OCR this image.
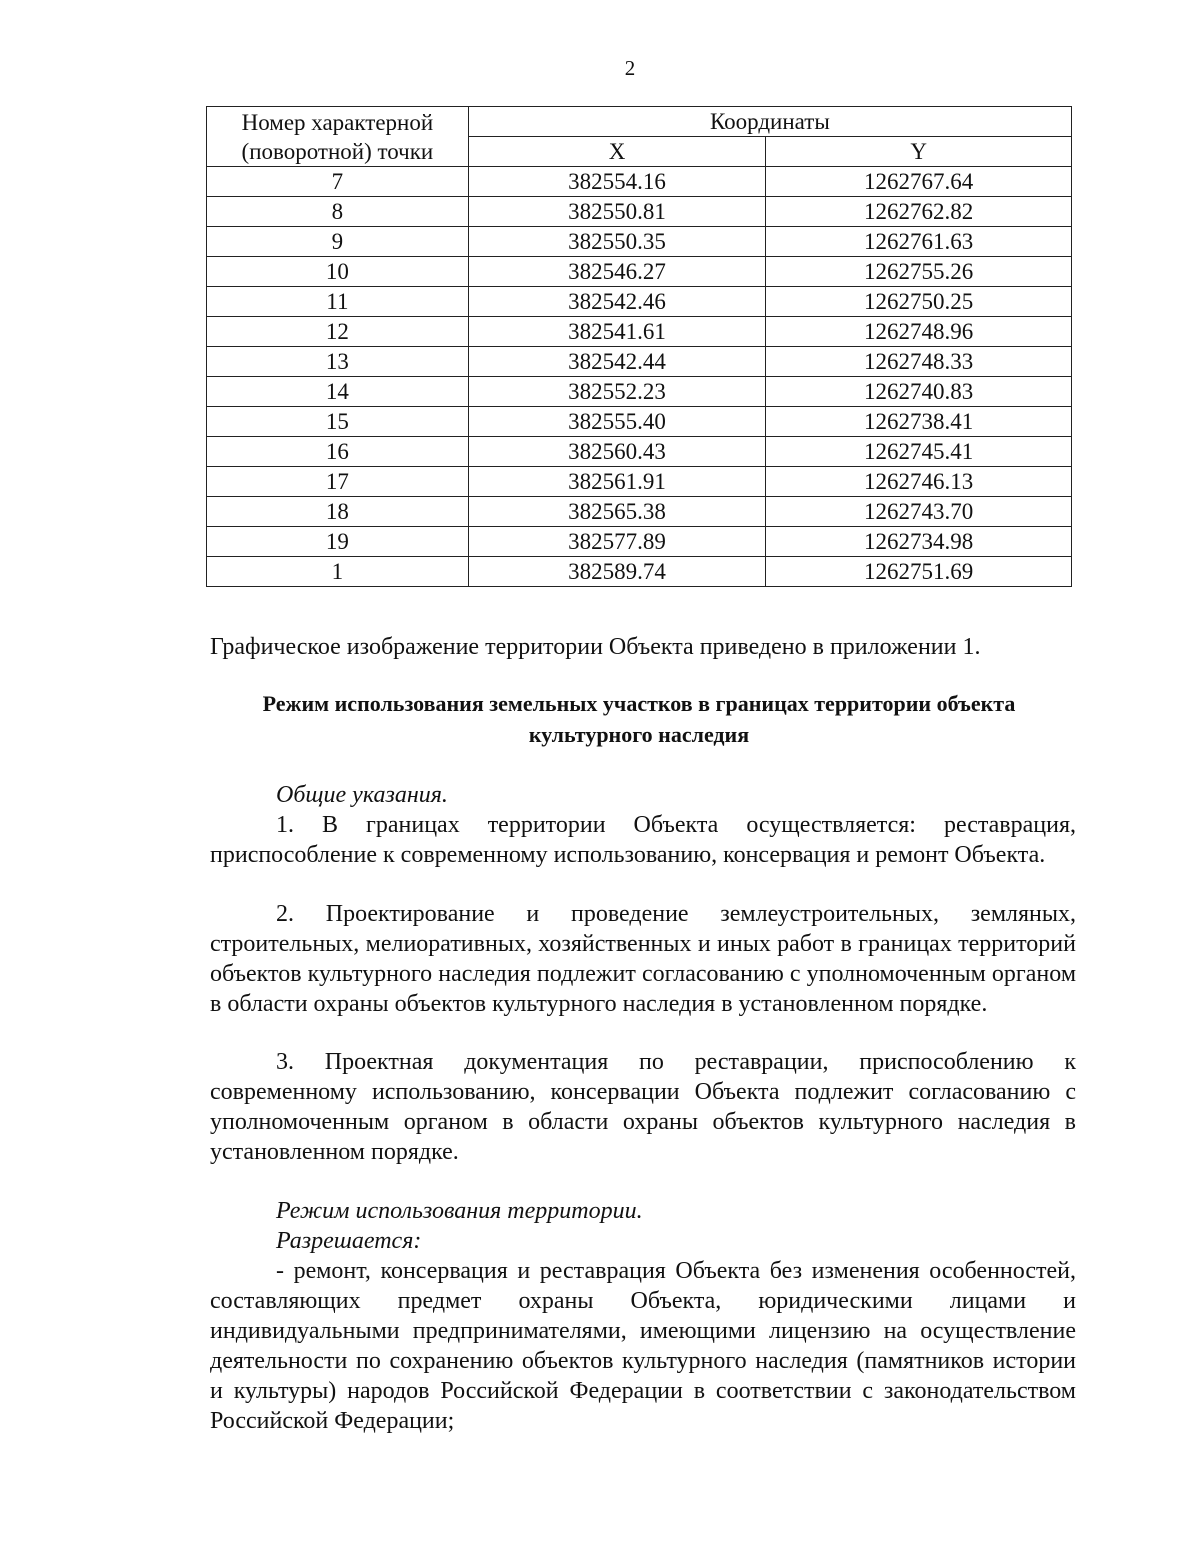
2
Номер характерной (поворотной) точки	Координаты	
	X	Y
7	382554.16	1262767.64
8	382550.81	1262762.82
9	382550.35	1262761.63
10	382546.27	1262755.26
11	382542.46	1262750.25
12	382541.61	1262748.96
13	382542.44	1262748.33
14	382552.23	1262740.83
15	382555.40	1262738.41
16	382560.43	1262745.41
17	382561.91	1262746.13
18	382565.38	1262743.70
19	382577.89	1262734.98
1	382589.74	1262751.69
Графическое изображение территории Объекта приведено в приложении 1.
Режим использования земельных участков в границах территории объекта культурного наследия
Общие указания.
1. В границах территории Объекта осуществляется: реставрация, приспособление к современному использованию, консервация и ремонт Объекта.
2. Проектирование и проведение землеустроительных, земляных, строительных, мелиоративных, хозяйственных и иных работ в границах территорий объектов культурного наследия подлежит согласованию с уполномоченным органом в области охраны объектов культурного наследия в установленном порядке.
3. Проектная документация по реставрации, приспособлению к современному использованию, консервации Объекта подлежит согласованию с уполномоченным органом в области охраны объектов культурного наследия в установленном порядке.
Режим использования территории.
Разрешается:
- ремонт, консервация и реставрация Объекта без изменения особенностей, составляющих предмет охраны Объекта, юридическими лицами и индивидуальными предпринимателями, имеющими лицензию на осуществление деятельности по сохранению объектов культурного наследия (памятников истории и культуры) народов Российской Федерации в соответствии с законодательством Российской Федерации;
